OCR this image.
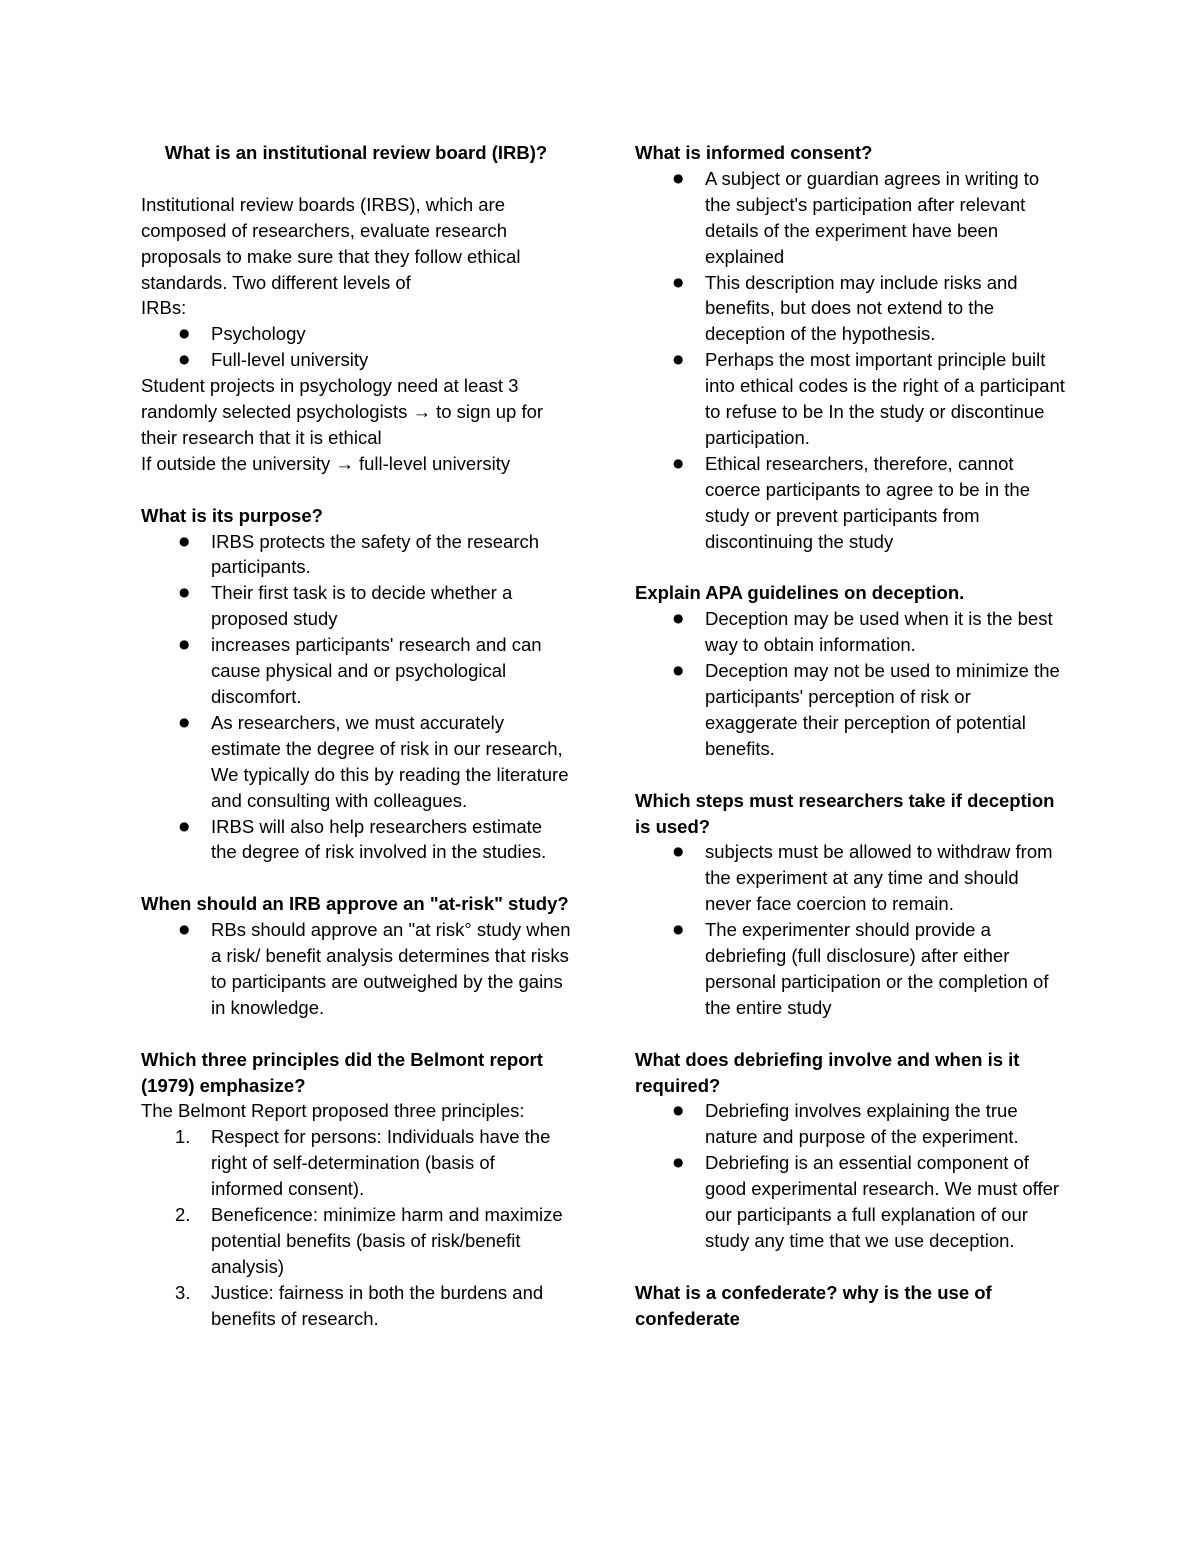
What is an institutional review board (IRB)?

Institutional review boards (IRBS), which are composed of researchers, evaluate research proposals to make sure that they follow ethical standards. Two different levels of

IRBs:

● Psychology
● Full-level university

Student projects in psychology need at least 3 randomly selected psychologists → to sign up for their research that it is ethical

If outside the university → full-level university

What is its purpose?

● IRBS protects the safety of the research participants.
● Their first task is to decide whether a proposed study
● increases participants' research and can cause physical and or psychological discomfort.
● As researchers, we must accurately estimate the degree of risk in our research, We typically do this by reading the literature and consulting with colleagues.
● IRBS will also help researchers estimate the degree of risk involved in the studies.

When should an IRB approve an "at-risk" study?

● RBs should approve an "at risk° study when a risk/ benefit analysis determines that risks to participants are outweighed by the gains in knowledge.

Which three principles did the Belmont report (1979) emphasize?

The Belmont Report proposed three principles:

1. Respect for persons: Individuals have the right of self-determination (basis of informed consent).
2. Beneficence: minimize harm and maximize potential benefits (basis of risk/benefit analysis)
3. Justice: fairness in both the burdens and benefits of research.

What is informed consent?

● A subject or guardian agrees in writing to the subject's participation after relevant details of the experiment have been explained
● This description may include risks and benefits, but does not extend to the deception of the hypothesis.
● Perhaps the most important principle built into ethical codes is the right of a participant to refuse to be In the study or discontinue participation.
● Ethical researchers, therefore, cannot coerce participants to agree to be in the study or prevent participants from discontinuing the study

Explain APA guidelines on deception.

● Deception may be used when it is the best way to obtain information.
● Deception may not be used to minimize the participants' perception of risk or exaggerate their perception of potential benefits.

Which steps must researchers take if deception

is used?

● subjects must be allowed to withdraw from the experiment at any time and should never face coercion to remain.
● The experimenter should provide a debriefing (full disclosure) after either personal participation or the completion of the entire study

What does debriefing involve and when is it required?

● Debriefing involves explaining the true nature and purpose of the experiment.
● Debriefing is an essential component of good experimental research. We must offer our participants a full explanation of our study any time that we use deception.

What is a confederate? why is the use of confederate
